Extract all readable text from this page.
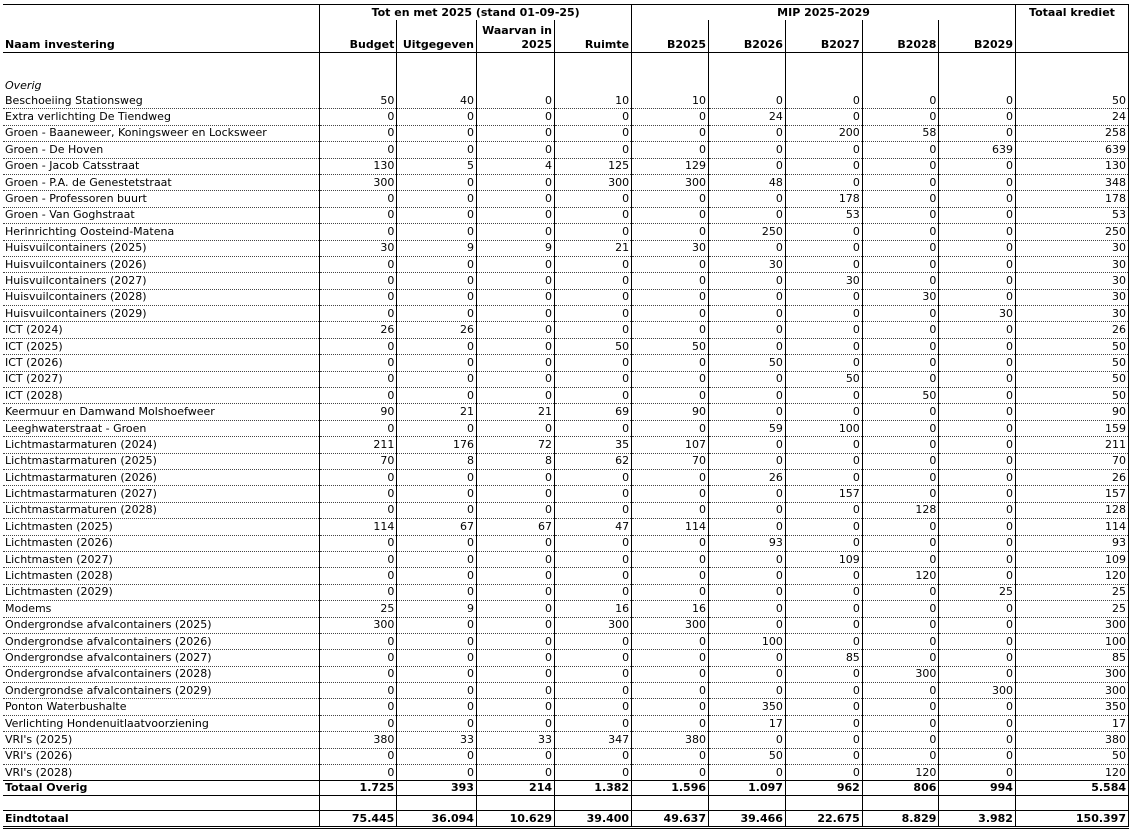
	Tot en met 2025 (stand 01-09-25)				MIP 2025-2029					Totaal krediet
Naam investering	Budget	Uitgegeven	Waarvan in 2025	Ruimte	B2025	B2026	B2027	B2028	B2029	

Overig										
Beschoeiing Stationsweg	50	40	0	10	10	0	0	0	0	50
Extra verlichting De Tiendweg	0	0	0	0	0	24	0	0	0	24
Groen - Baaneweer, Koningsweer en Locksweer	0	0	0	0	0	0	200	58	0	258
Groen - De Hoven	0	0	0	0	0	0	0	0	639	639
Groen - Jacob Catsstraat	130	5	4	125	129	0	0	0	0	130
Groen - P.A. de Genestetstraat	300	0	0	300	300	48	0	0	0	348
Groen - Professoren buurt	0	0	0	0	0	0	178	0	0	178
Groen - Van Goghstraat	0	0	0	0	0	0	53	0	0	53
Herinrichting Oosteind-Matena	0	0	0	0	0	250	0	0	0	250
Huisvuilcontainers (2025)	30	9	9	21	30	0	0	0	0	30
Huisvuilcontainers (2026)	0	0	0	0	0	30	0	0	0	30
Huisvuilcontainers (2027)	0	0	0	0	0	0	30	0	0	30
Huisvuilcontainers (2028)	0	0	0	0	0	0	0	30	0	30
Huisvuilcontainers (2029)	0	0	0	0	0	0	0	0	30	30
ICT (2024)	26	26	0	0	0	0	0	0	0	26
ICT (2025)	0	0	0	50	50	0	0	0	0	50
ICT (2026)	0	0	0	0	0	50	0	0	0	50
ICT (2027)	0	0	0	0	0	0	50	0	0	50
ICT (2028)	0	0	0	0	0	0	0	50	0	50
Keermuur en Damwand Molshoefweer	90	21	21	69	90	0	0	0	0	90
Leeghwaterstraat - Groen	0	0	0	0	0	59	100	0	0	159
Lichtmastarmaturen (2024)	211	176	72	35	107	0	0	0	0	211
Lichtmastarmaturen (2025)	70	8	8	62	70	0	0	0	0	70
Lichtmastarmaturen (2026)	0	0	0	0	0	26	0	0	0	26
Lichtmastarmaturen (2027)	0	0	0	0	0	0	157	0	0	157
Lichtmastarmaturen (2028)	0	0	0	0	0	0	0	128	0	128
Lichtmasten (2025)	114	67	67	47	114	0	0	0	0	114
Lichtmasten (2026)	0	0	0	0	0	93	0	0	0	93
Lichtmasten (2027)	0	0	0	0	0	0	109	0	0	109
Lichtmasten (2028)	0	0	0	0	0	0	0	120	0	120
Lichtmasten (2029)	0	0	0	0	0	0	0	0	25	25
Modems	25	9	0	16	16	0	0	0	0	25
Ondergrondse afvalcontainers (2025)	300	0	0	300	300	0	0	0	0	300
Ondergrondse afvalcontainers (2026)	0	0	0	0	0	100	0	0	0	100
Ondergrondse afvalcontainers (2027)	0	0	0	0	0	0	85	0	0	85
Ondergrondse afvalcontainers (2028)	0	0	0	0	0	0	0	300	0	300
Ondergrondse afvalcontainers (2029)	0	0	0	0	0	0	0	0	300	300
Ponton Waterbushalte	0	0	0	0	0	350	0	0	0	350
Verlichting Hondenuitlaatvoorziening	0	0	0	0	0	17	0	0	0	17
VRI's (2025)	380	33	33	347	380	0	0	0	0	380
VRI's (2026)	0	0	0	0	0	50	0	0	0	50
VRI's (2028)	0	0	0	0	0	0	0	120	0	120
Totaal Overig	1.725	393	214	1.382	1.596	1.097	962	806	994	5.584

Eindtotaal	75.445	36.094	10.629	39.400	49.637	39.466	22.675	8.829	3.982	150.397
